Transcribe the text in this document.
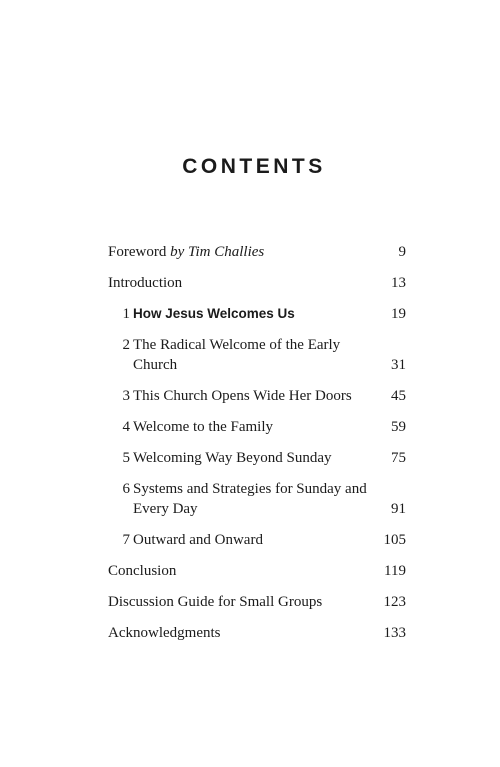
CONTENTS
Foreword by Tim Challies	9
Introduction	13
1 How Jesus Welcomes Us	19
2 The Radical Welcome of the Early
Church	31
3 This Church Opens Wide Her Doors	45
4 Welcome to the Family	59
5 Welcoming Way Beyond Sunday	75
6 Systems and Strategies for Sunday and
Every Day	91
7 Outward and Onward	105
Conclusion	119
Discussion Guide for Small Groups	123
Acknowledgments	133
